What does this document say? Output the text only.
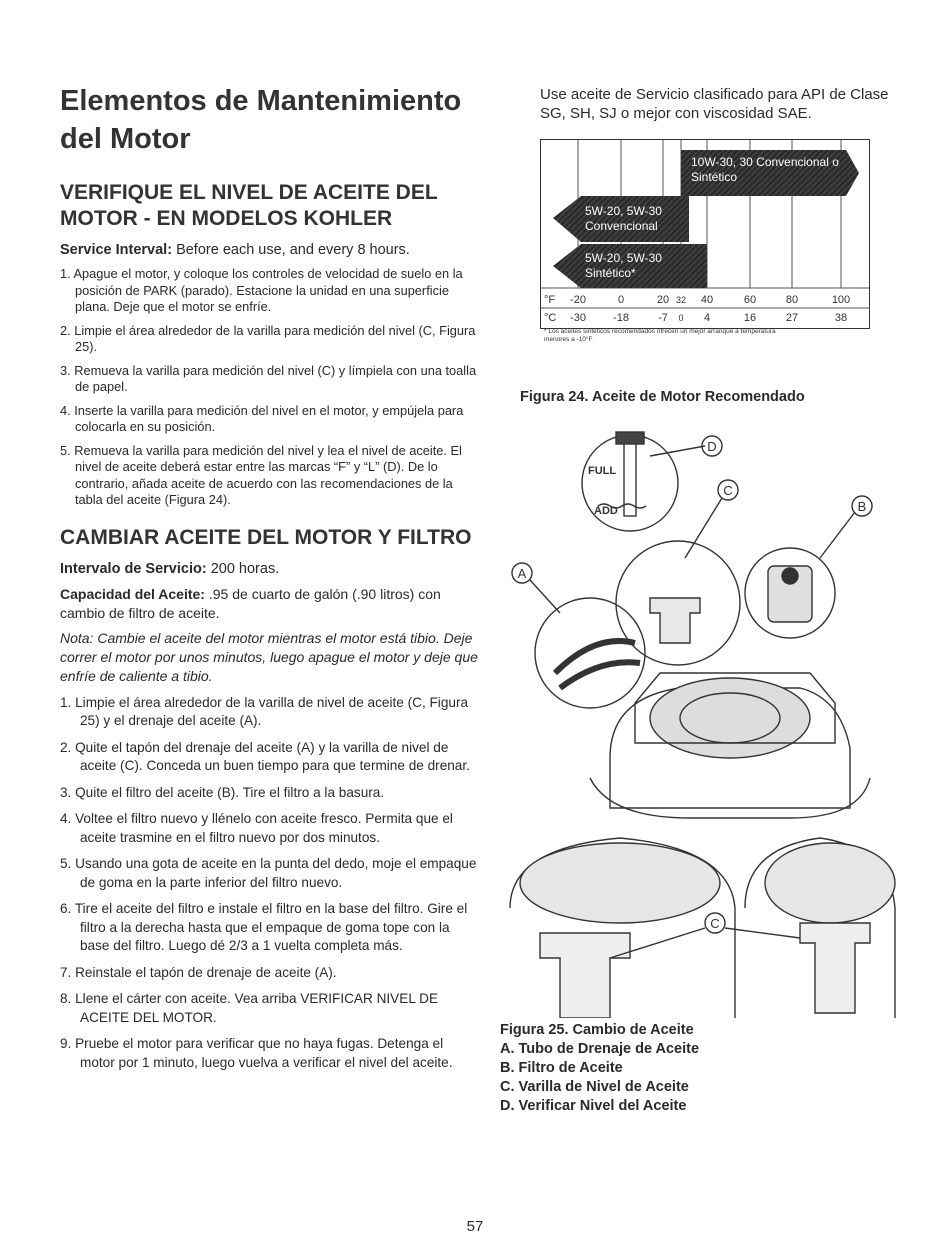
Elementos de Mantenimiento del Motor
VERIFIQUE EL NIVEL DE ACEITE DEL MOTOR - EN MODELOS KOHLER

Service Interval: Before each use, and every 8 hours.

1. Apague el motor, y coloque los controles de velocidad de suelo en la posición de PARK (parado). Estacione la unidad en una superficie plana. Deje que el motor se enfríe.
2. Limpie el área alrededor de la varilla para medición del nivel (C, Figura 25).
3. Remueva la varilla para medición del nivel (C) y límpiela con una toalla de papel.
4. Inserte la varilla para medición del nivel en el motor, y empújela para colocarla en su posición.
5. Remueva la varilla para medición del nivel y lea el nivel de aceite. El nivel de aceite deberá estar entre las marcas “F” y “L” (D). De lo contrario, añada aceite de acuerdo con las recomendaciones de la tabla del aceite (Figura 24).
CAMBIAR ACEITE DEL MOTOR Y FILTRO

Intervalo de Servicio: 200 horas.

Capacidad del Aceite: .95 de cuarto de galón (.90 litros) con cambio de filtro de aceite.

Nota: Cambie el aceite del motor mientras el motor está tibio. Deje correr el motor por unos minutos, luego apague el motor y deje que enfríe de caliente a tibio.

1. Limpie el área alrededor de la varilla de nivel de aceite (C, Figura 25) y el drenaje del aceite (A).
2. Quite el tapón del drenaje del aceite (A) y la varilla de nivel de aceite (C). Conceda un buen tiempo para que termine de drenar.
3. Quite el filtro del aceite (B). Tire el filtro a la basura.
4. Voltee el filtro nuevo y llénelo con aceite fresco. Permita que el aceite trasmine en el filtro nuevo por dos minutos.
5. Usando una gota de aceite en la punta del dedo, moje el empaque de goma en la parte inferior del filtro nuevo.
6. Tire el aceite del filtro e instale el filtro en la base del filtro. Gire el filtro a la derecha hasta que el empaque de goma tope con la base del filtro. Luego dé 2/3 a 1 vuelta completa más.
7. Reinstale el tapón de drenaje de aceite (A).
8. Llene el cárter con aceite. Vea arriba VERIFICAR NIVEL DE ACEITE DEL MOTOR.
9. Pruebe el motor para verificar que no haya fugas. Detenga el motor por 1 minuto, luego vuelva a verificar el nivel del aceite.

Use aceite de Servicio clasificado para API de Clase SG, SH, SJ o mejor con viscosidad SAE.

10W-30, 30 Convencional o
Sintético
5W-20, 5W-30
Convencional
5W-20, 5W-30
Sintético*
°F -20	0	20 32 40	60	80	100
°C -30 -18	-7 0 4	16	27	38
* Los aceites sintéticos recomendados ofrecen un mejor arranque a temperatura
menores a -10°F
Figura 24. Aceite de Motor Recomendado
D
C
B
A
C
FULL
ADD
Figura 25. Cambio de Aceite
A. Tubo de Drenaje de Aceite
B. Filtro de Aceite
C. Varilla de Nivel de Aceite
D. Verificar Nivel del Aceite
57
